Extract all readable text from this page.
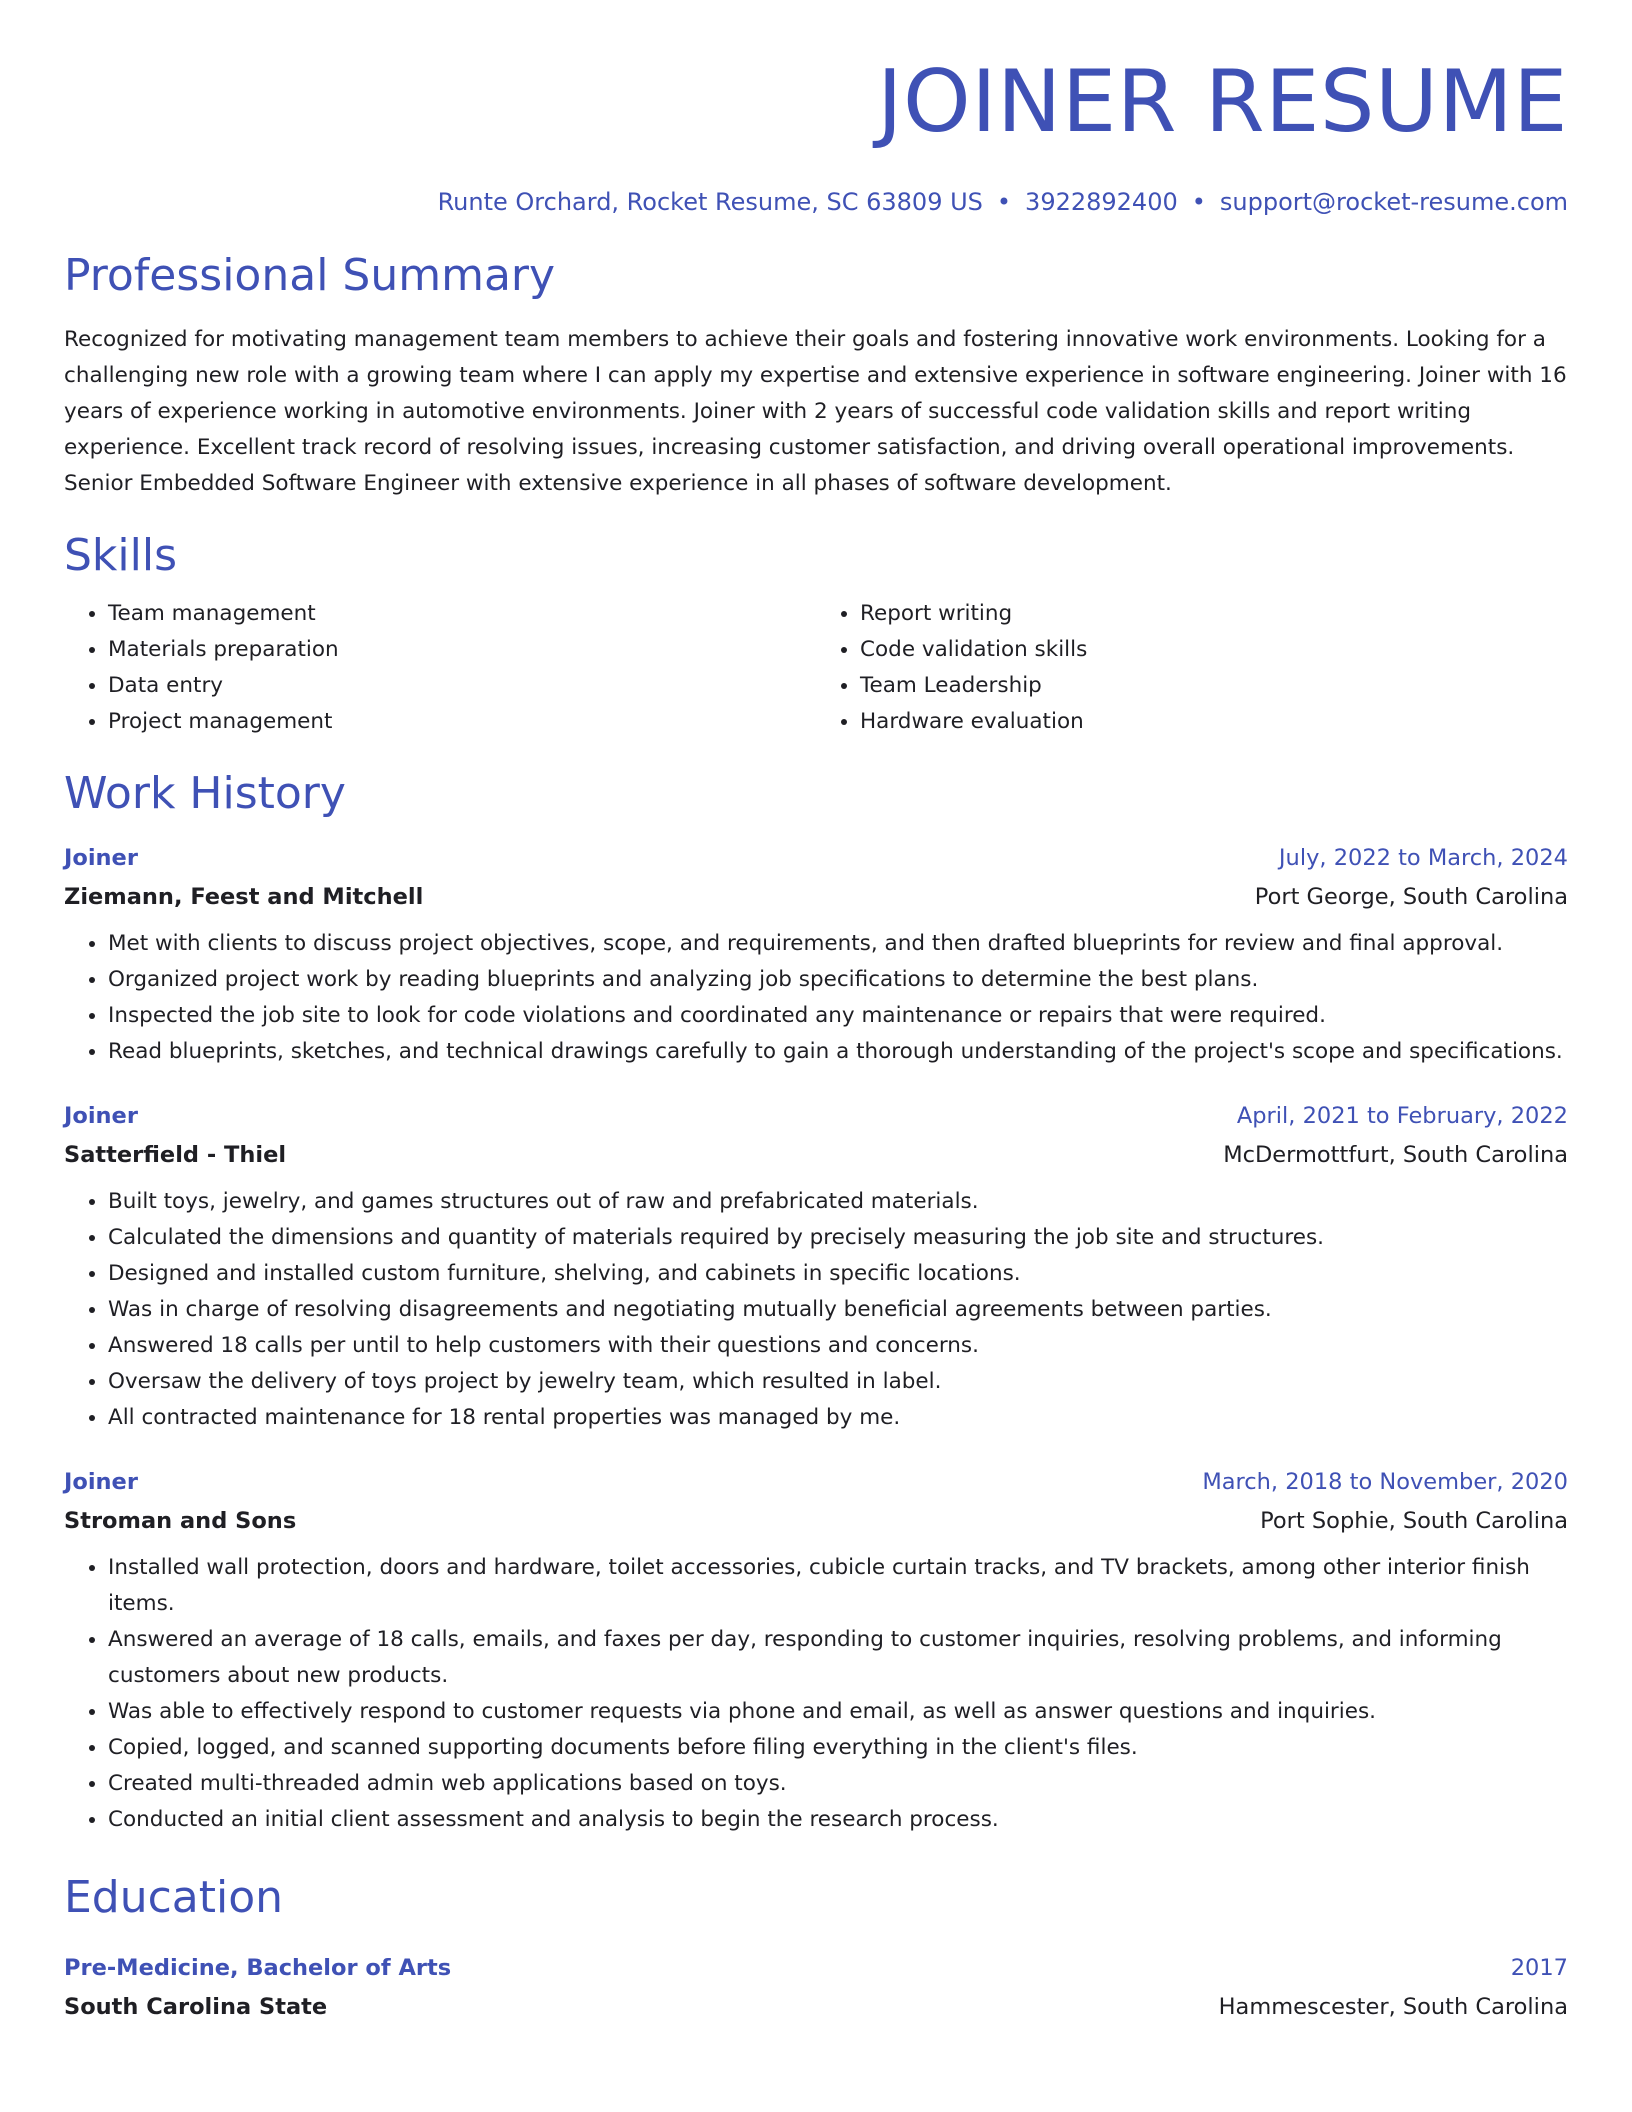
JOINER RESUME
Runte Orchard, Rocket Resume, SC 63809 US • 3922892400 • support@rocket-resume.com
Professional Summary

Recognized for motivating management team members to achieve their goals and fostering innovative work environments. Looking for a challenging new role with a growing team where I can apply my expertise and extensive experience in software engineering. Joiner with 16 years of experience working in automotive environments. Joiner with 2 years of successful code validation skills and report writing experience. Excellent track record of resolving issues, increasing customer satisfaction, and driving overall operational improvements. Senior Embedded Software Engineer with extensive experience in all phases of software development.

Skills
• Team management
• Materials preparation
• Data entry
• Project management
• Report writing
• Code validation skills
• Team Leadership
• Hardware evaluation
Work History
Joiner	July, 2022 to March, 2024
Ziemann, Feest and Mitchell	Port George, South Carolina
• Met with clients to discuss project objectives, scope, and requirements, and then drafted blueprints for review and final approval.
• Organized project work by reading blueprints and analyzing job specifications to determine the best plans.
• Inspected the job site to look for code violations and coordinated any maintenance or repairs that were required.
• Read blueprints, sketches, and technical drawings carefully to gain a thorough understanding of the project's scope and specifications.
Joiner	April, 2021 to February, 2022
Satterfield - Thiel	McDermottfurt, South Carolina
• Built toys, jewelry, and games structures out of raw and prefabricated materials.
• Calculated the dimensions and quantity of materials required by precisely measuring the job site and structures.
• Designed and installed custom furniture, shelving, and cabinets in specific locations.
• Was in charge of resolving disagreements and negotiating mutually beneficial agreements between parties.
• Answered 18 calls per until to help customers with their questions and concerns.
• Oversaw the delivery of toys project by jewelry team, which resulted in label.
• All contracted maintenance for 18 rental properties was managed by me.
Joiner	March, 2018 to November, 2020
Stroman and Sons	Port Sophie, South Carolina
• Installed wall protection, doors and hardware, toilet accessories, cubicle curtain tracks, and TV brackets, among other interior finish items.
• Answered an average of 18 calls, emails, and faxes per day, responding to customer inquiries, resolving problems, and informing customers about new products.
• Was able to effectively respond to customer requests via phone and email, as well as answer questions and inquiries.
• Copied, logged, and scanned supporting documents before filing everything in the client's files.
• Created multi-threaded admin web applications based on toys.
• Conducted an initial client assessment and analysis to begin the research process.
Education
Pre-Medicine, Bachelor of Arts	2017
South Carolina State	Hammescester, South Carolina
